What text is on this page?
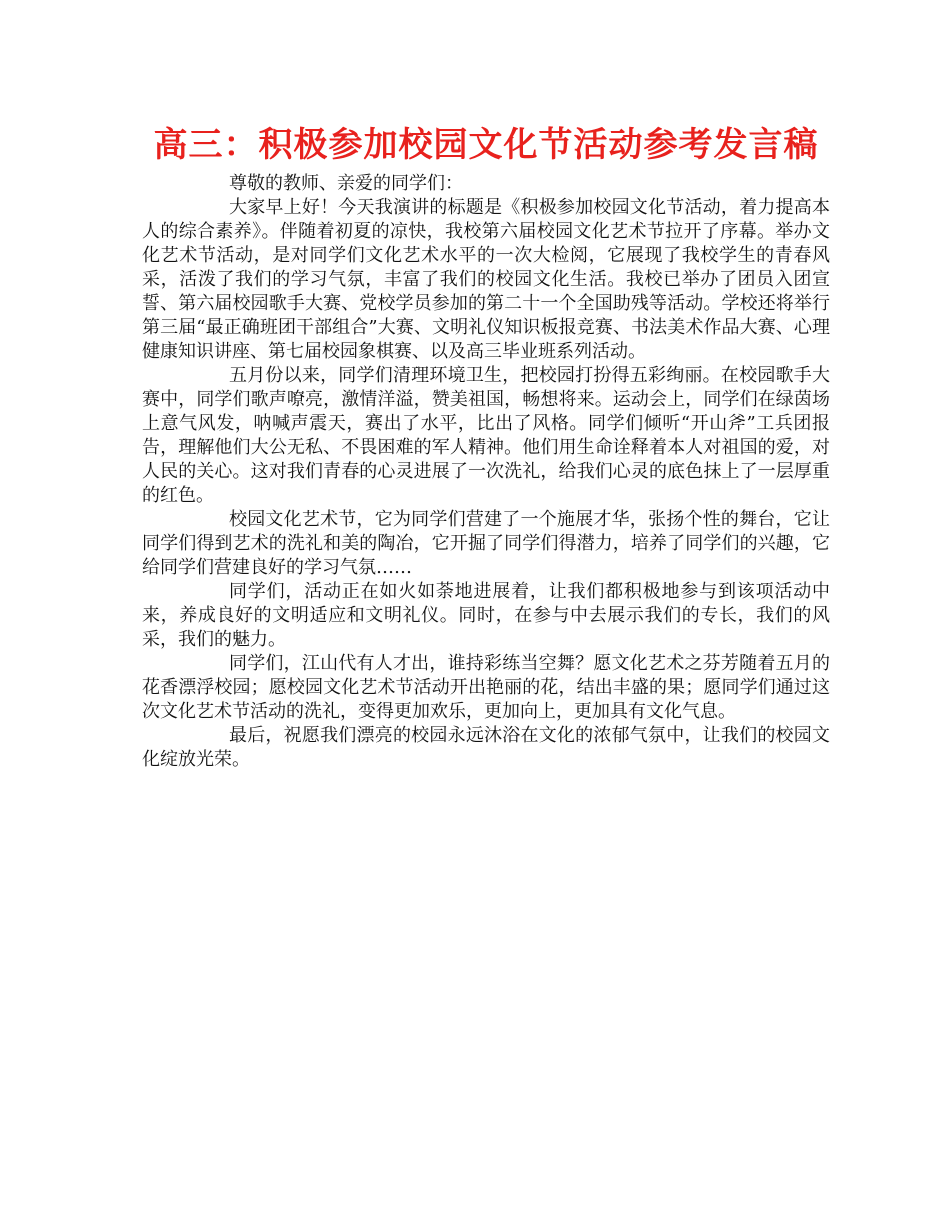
高三：积极参加校园文化节活动参考发言稿

尊敬的教师、亲爱的同学们：

大家早上好！今天我演讲的标题是《积极参加校园文化节活动，着力提高本人的综合素养》。伴随着初夏的凉快，我校第六届校园文化艺术节拉开了序幕。举办文化艺术节活动，是对同学们文化艺术水平的一次大检阅，它展现了我校学生的青春风采，活泼了我们的学习气氛，丰富了我们的校园文化生活。我校已举办了团员入团宣誓、第六届校园歌手大赛、党校学员参加的第二十一个全国助残等活动。学校还将举行第三届“最正确班团干部组合”大赛、文明礼仪知识板报竞赛、书法美术作品大赛、心理健康知识讲座、第七届校园象棋赛、以及高三毕业班系列活动。

五月份以来，同学们清理环境卫生，把校园打扮得五彩绚丽。在校园歌手大赛中，同学们歌声嘹亮，激情洋溢，赞美祖国，畅想将来。运动会上，同学们在绿茵场上意气风发，呐喊声震天，赛出了水平，比出了风格。同学们倾听“开山斧”工兵团报告，理解他们大公无私、不畏困难的军人精神。他们用生命诠释着本人对祖国的爱，对人民的关心。这对我们青春的心灵进展了一次洗礼，给我们心灵的底色抹上了一层厚重的红色。

校园文化艺术节，它为同学们营建了一个施展才华，张扬个性的舞台，它让同学们得到艺术的洗礼和美的陶冶，它开掘了同学们得潜力，培养了同学们的兴趣，它给同学们营建良好的学习气氛……

同学们，活动正在如火如荼地进展着，让我们都积极地参与到该项活动中来，养成良好的文明适应和文明礼仪。同时，在参与中去展示我们的专长，我们的风采，我们的魅力。

同学们，江山代有人才出，谁持彩练当空舞？愿文化艺术之芬芳随着五月的花香漂浮校园；愿校园文化艺术节活动开出艳丽的花，结出丰盛的果；愿同学们通过这次文化艺术节活动的洗礼，变得更加欢乐，更加向上，更加具有文化气息。

最后，祝愿我们漂亮的校园永远沐浴在文化的浓郁气氛中，让我们的校园文化绽放光荣。
